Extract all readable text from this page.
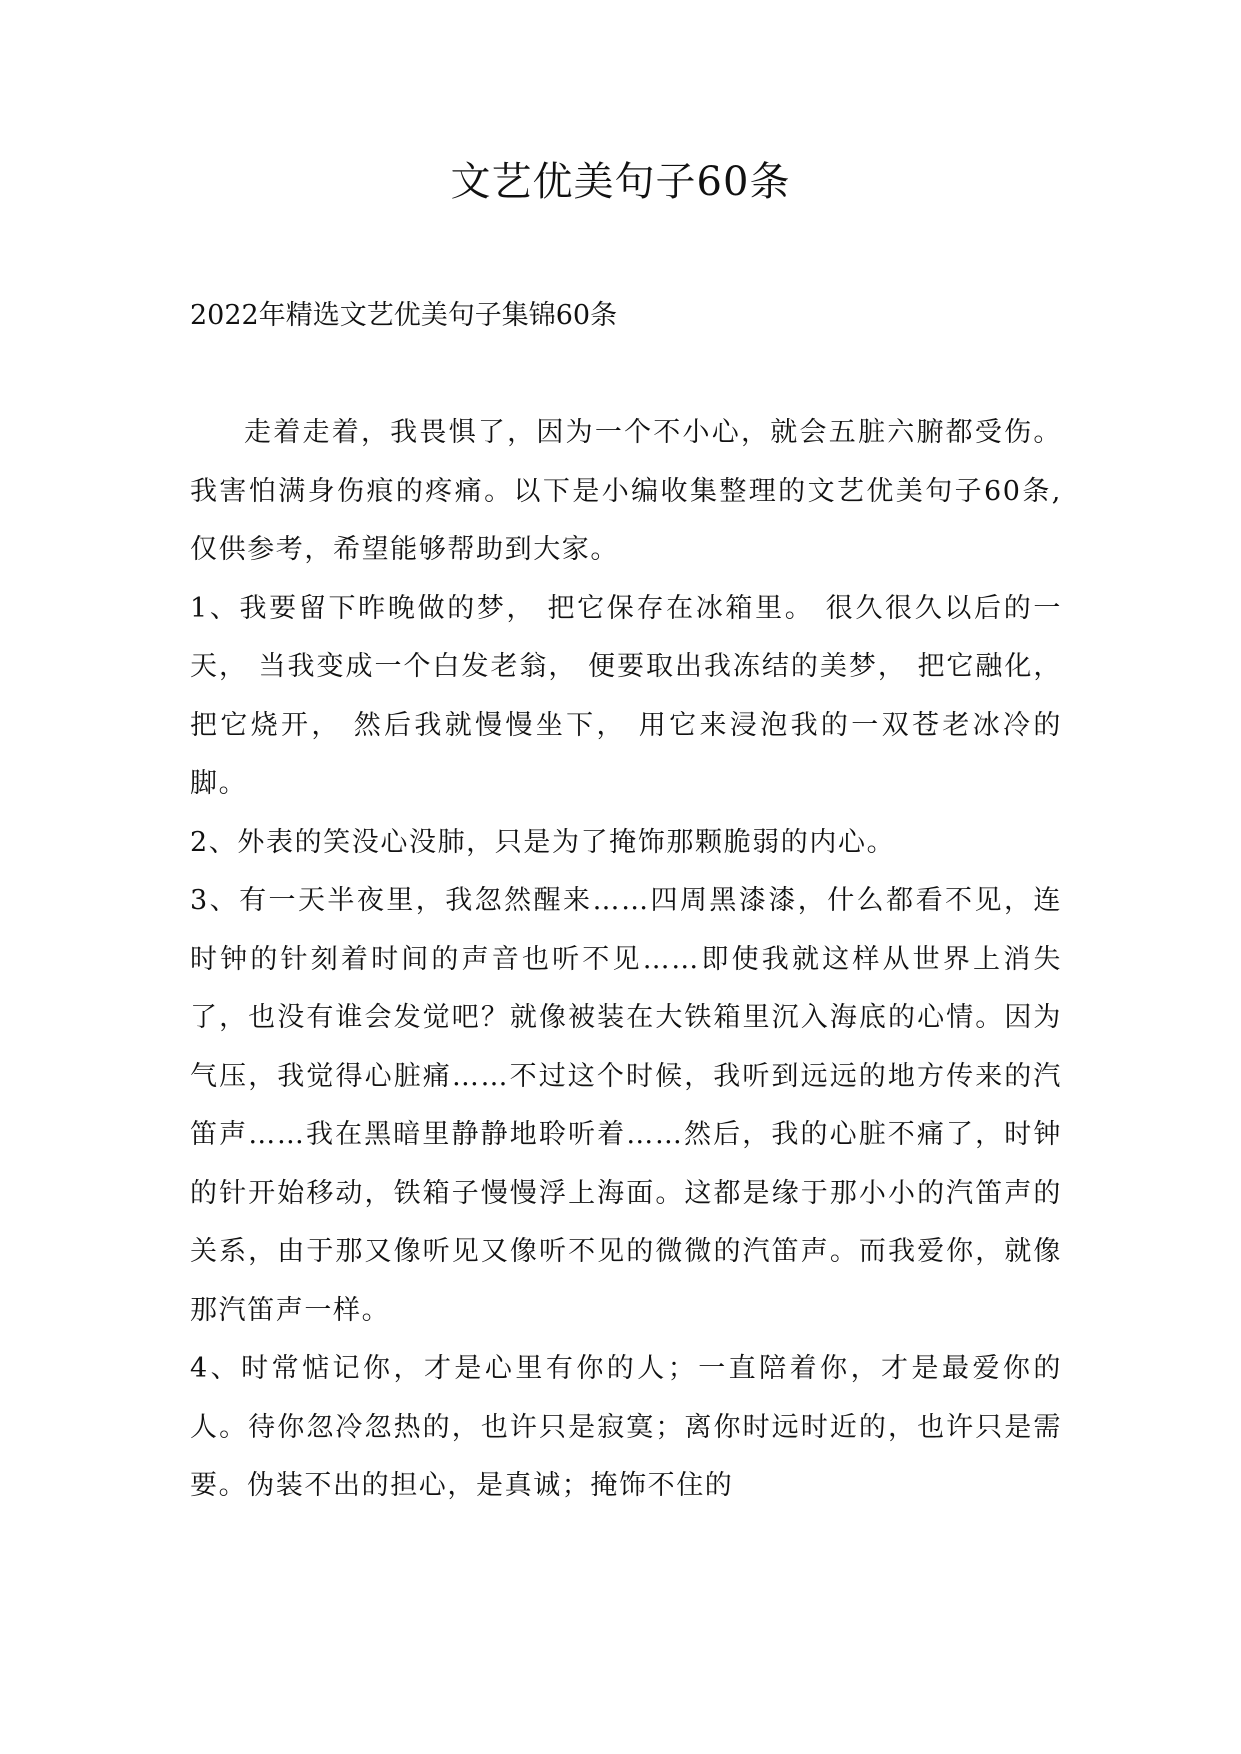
文艺优美句子60条

2022年精选文艺优美句子集锦60条

走着走着，我畏惧了，因为一个不小心，就会五脏六腑都受伤。我害怕满身伤痕的疼痛。以下是小编收集整理的文艺优美句子60条,仅供参考，希望能够帮助到大家。

1、我要留下昨晚做的梦， 把它保存在冰箱里。 很久很久以后的一天， 当我变成一个白发老翁， 便要取出我冻结的美梦， 把它融化，把它烧开， 然后我就慢慢坐下， 用它来浸泡我的一双苍老冰冷的脚。

2、外表的笑没心没肺，只是为了掩饰那颗脆弱的内心。

3、有一天半夜里，我忽然醒来……四周黑漆漆，什么都看不见，连时钟的针刻着时间的声音也听不见……即使我就这样从世界上消失了，也没有谁会发觉吧？就像被装在大铁箱里沉入海底的心情。因为气压，我觉得心脏痛……不过这个时候，我听到远远的地方传来的汽笛声……我在黑暗里静静地聆听着……然后，我的心脏不痛了，时钟的针开始移动，铁箱子慢慢浮上海面。这都是缘于那小小的汽笛声的关系，由于那又像听见又像听不见的微微的汽笛声。而我爱你，就像那汽笛声一样。

4、时常惦记你，才是心里有你的人；一直陪着你，才是最爱你的人。待你忽冷忽热的，也许只是寂寞；离你时远时近的，也许只是需要。伪装不出的担心，是真诚；掩饰不住的
